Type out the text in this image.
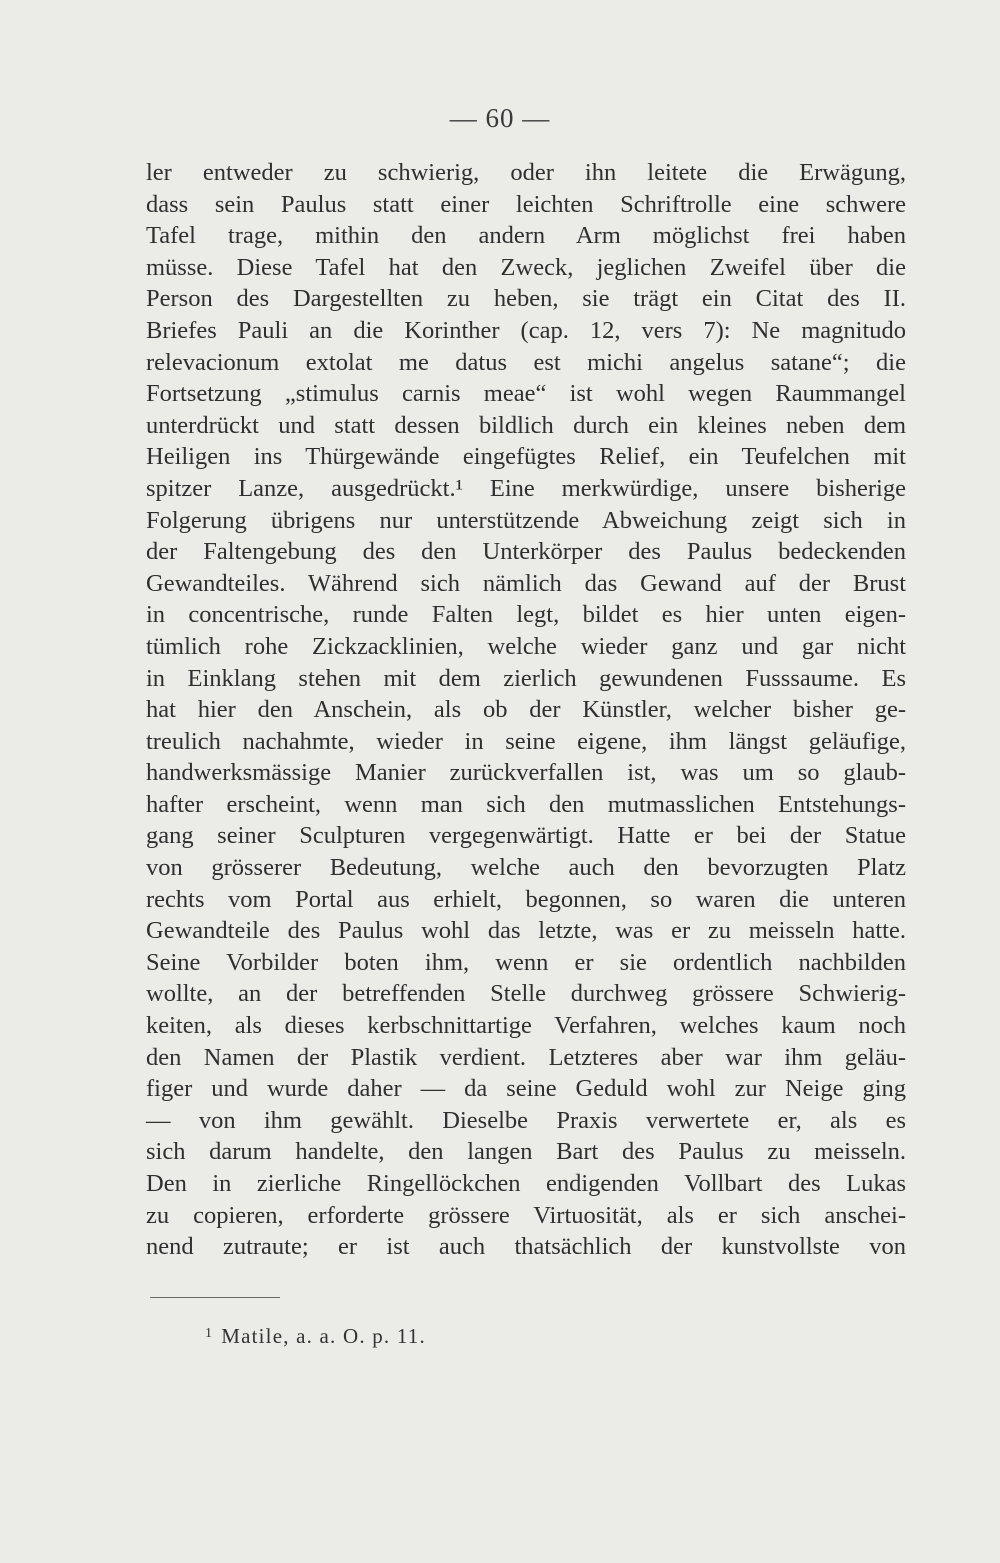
— 60 —
ler entweder zu schwierig, oder ihn leitete die Erwägung,
dass sein Paulus statt einer leichten Schriftrolle eine schwere
Tafel trage, mithin den andern Arm möglichst frei haben
müsse. Diese Tafel hat den Zweck, jeglichen Zweifel über die
Person des Dargestellten zu heben, sie trägt ein Citat des II.
Briefes Pauli an die Korinther (cap. 12, vers 7): Ne magnitudo
relevacionum extolat me datus est michi angelus satane“; die
Fortsetzung „stimulus carnis meae“ ist wohl wegen Raummangel
unterdrückt und statt dessen bildlich durch ein kleines neben dem
Heiligen ins Thürgewände eingefügtes Relief, ein Teufelchen mit
spitzer Lanze, ausgedrückt.¹ Eine merkwürdige, unsere bisherige
Folgerung übrigens nur unterstützende Abweichung zeigt sich in
der Faltengebung des den Unterkörper des Paulus bedeckenden
Gewandteiles. Während sich nämlich das Gewand auf der Brust
in concentrische, runde Falten legt, bildet es hier unten eigen-
tümlich rohe Zickzacklinien, welche wieder ganz und gar nicht
in Einklang stehen mit dem zierlich gewundenen Fusssaume. Es
hat hier den Anschein, als ob der Künstler, welcher bisher ge-
treulich nachahmte, wieder in seine eigene, ihm längst geläufige,
handwerksmässige Manier zurückverfallen ist, was um so glaub-
hafter erscheint, wenn man sich den mutmasslichen Entstehungs-
gang seiner Sculpturen vergegenwärtigt. Hatte er bei der Statue
von grösserer Bedeutung, welche auch den bevorzugten Platz
rechts vom Portal aus erhielt, begonnen, so waren die unteren
Gewandteile des Paulus wohl das letzte, was er zu meisseln hatte.
Seine Vorbilder boten ihm, wenn er sie ordentlich nachbilden
wollte, an der betreffenden Stelle durchweg grössere Schwierig-
keiten, als dieses kerbschnittartige Verfahren, welches kaum noch
den Namen der Plastik verdient. Letzteres aber war ihm geläu-
figer und wurde daher — da seine Geduld wohl zur Neige ging
— von ihm gewählt. Dieselbe Praxis verwertete er, als es
sich darum handelte, den langen Bart des Paulus zu meisseln.
Den in zierliche Ringellöckchen endigenden Vollbart des Lukas
zu copieren, erforderte grössere Virtuosität, als er sich anschei-
nend zutraute; er ist auch thatsächlich der kunstvollste von
$^1$ Matile, a. a. O. p. 11.
